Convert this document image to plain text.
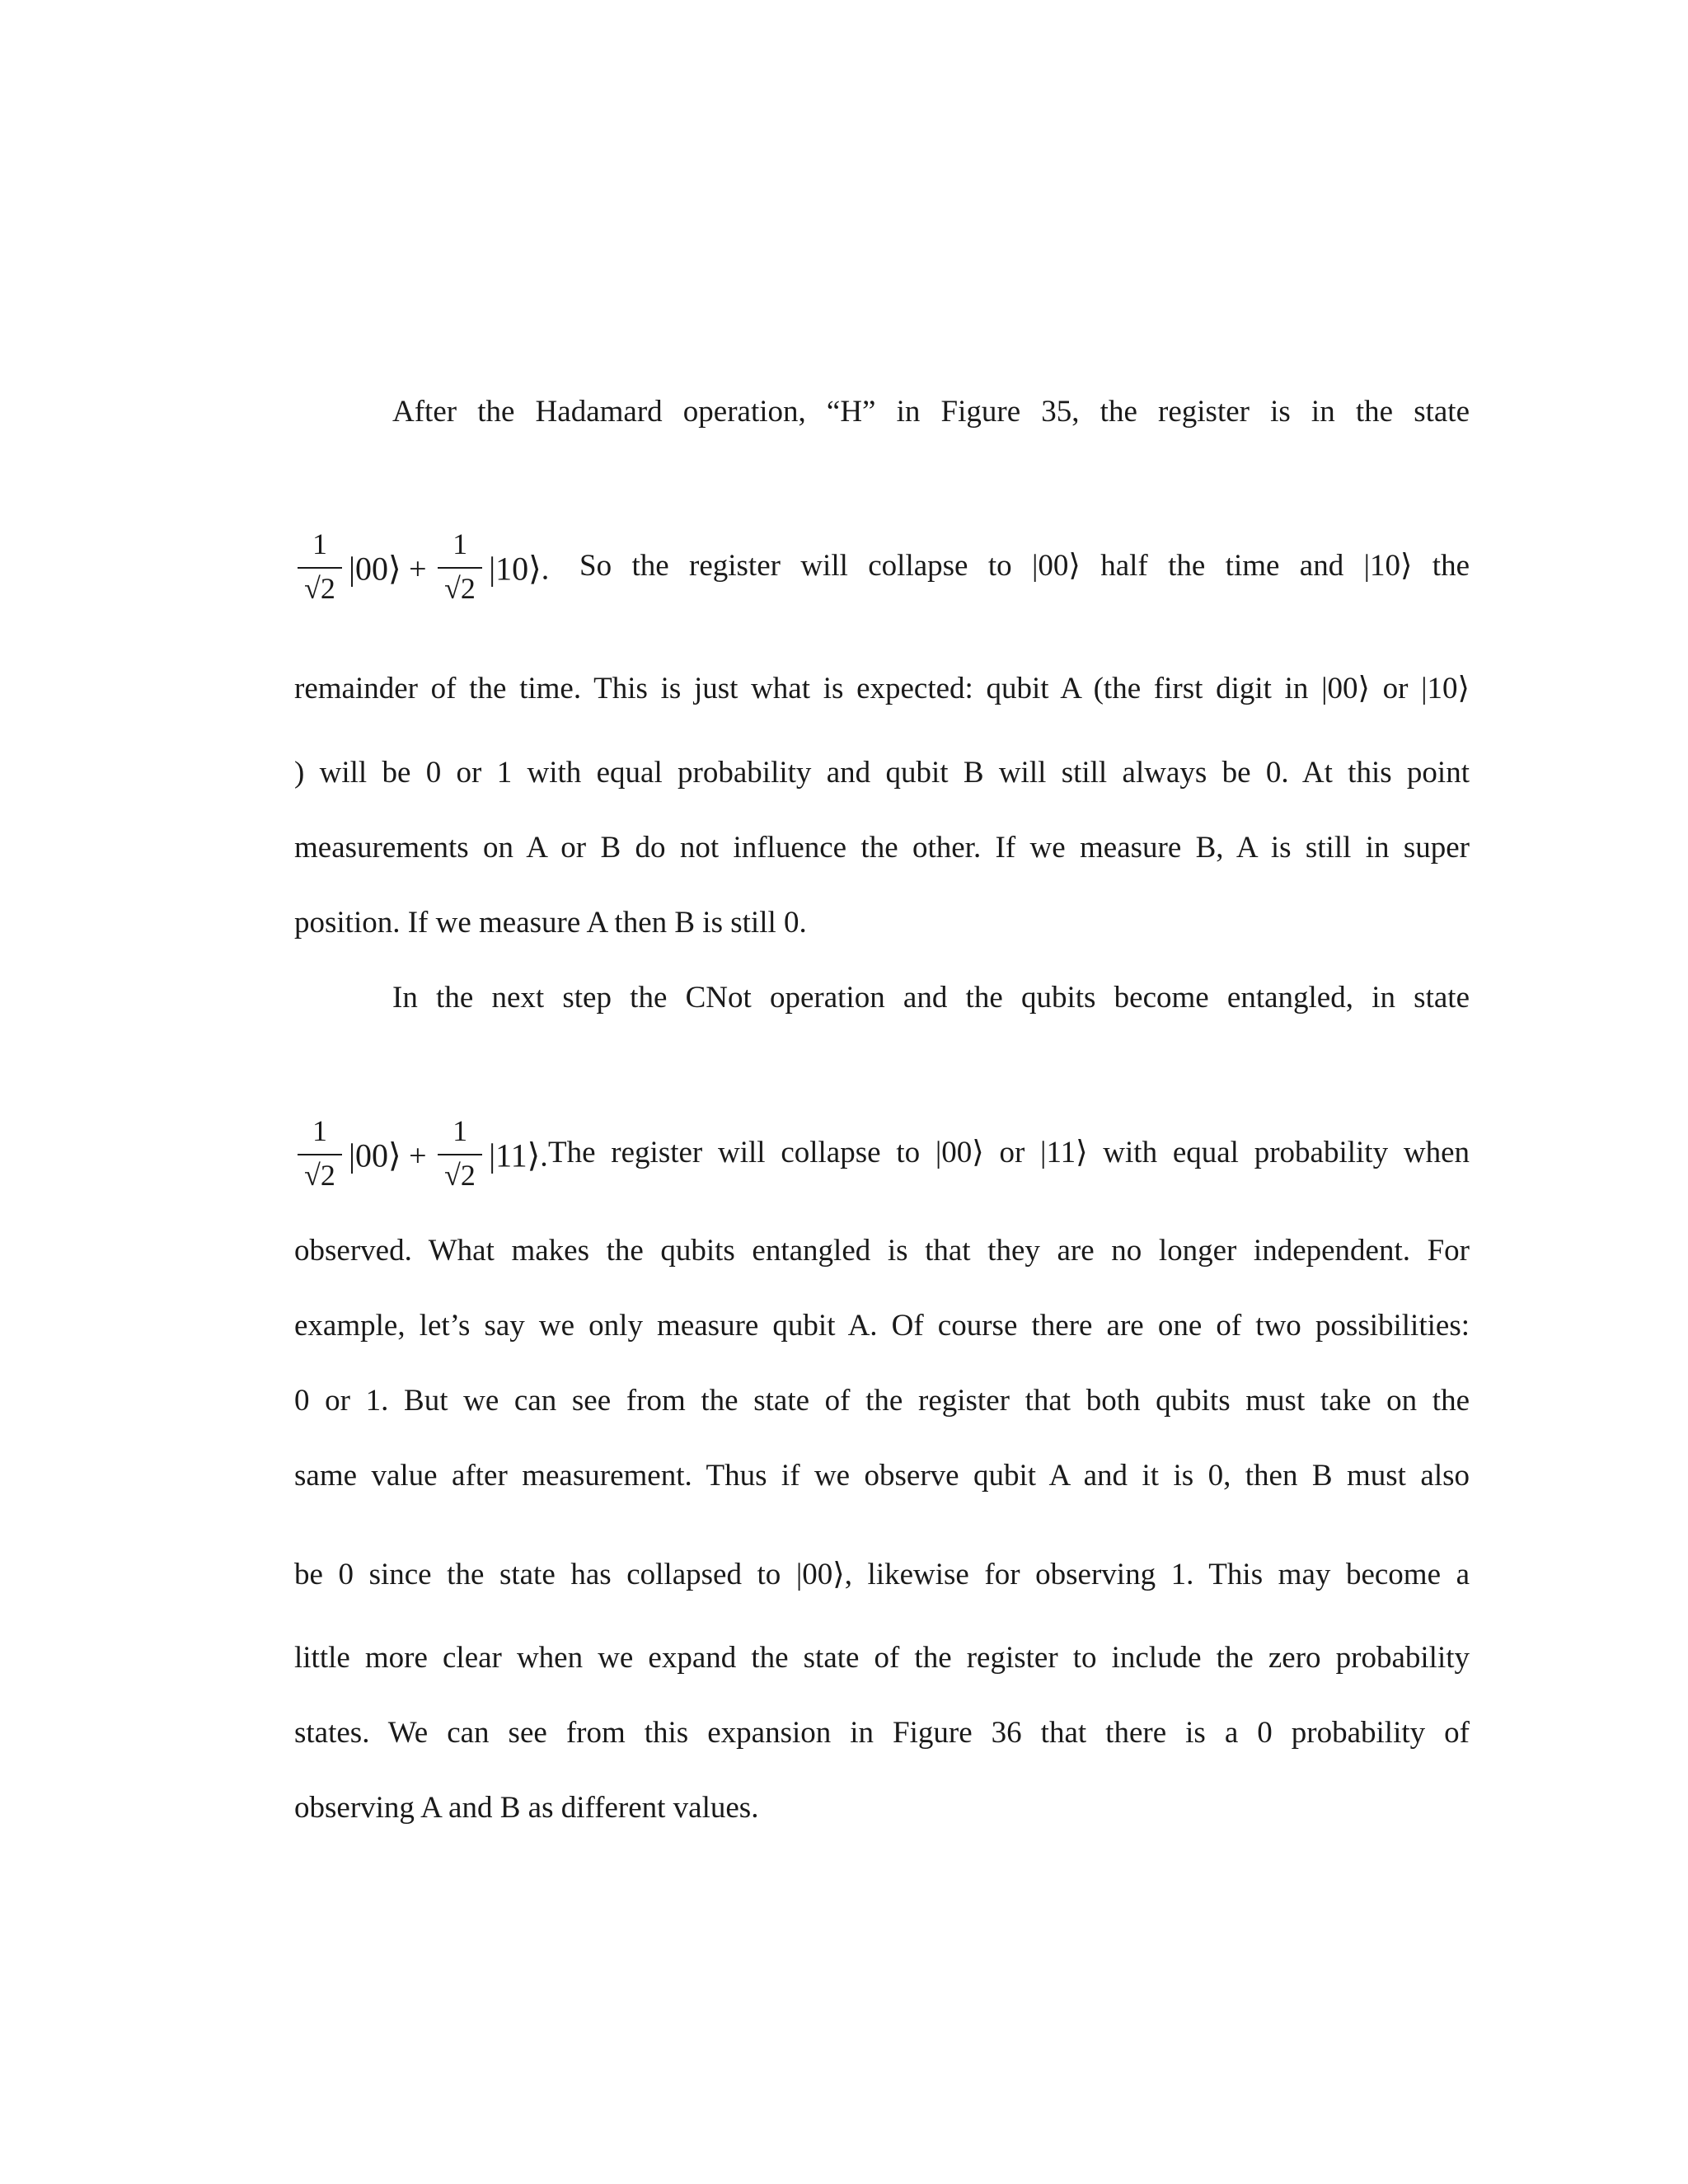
After the Hadamard operation, “H” in Figure 35, the register is in the state
$\frac{1}{√2}$ |00⟩ + $\frac{1}{√2}$ |10⟩. So the register will collapse to |00⟩ half the time and |10⟩ the
remainder of the time. This is just what is expected: qubit A (the first digit in |00⟩ or |10⟩
) will be 0 or 1 with equal probability and qubit B will still always be 0. At this point
measurements on A or B do not influence the other. If we measure B, A is still in super
position. If we measure A then B is still 0.
In the next step the CNot operation and the qubits become entangled, in state
$\frac{1}{√2}$ |00⟩ + $\frac{1}{√2}$ |11⟩. The register will collapse to |00⟩ or |11⟩ with equal probability when
observed. What makes the qubits entangled is that they are no longer independent. For
example, let’s say we only measure qubit A. Of course there are one of two possibilities:
0 or 1. But we can see from the state of the register that both qubits must take on the
same value after measurement. Thus if we observe qubit A and it is 0, then B must also
be 0 since the state has collapsed to |00⟩, likewise for observing 1. This may become a
little more clear when we expand the state of the register to include the zero probability
states. We can see from this expansion in Figure 36 that there is a 0 probability of
observing A and B as different values.
